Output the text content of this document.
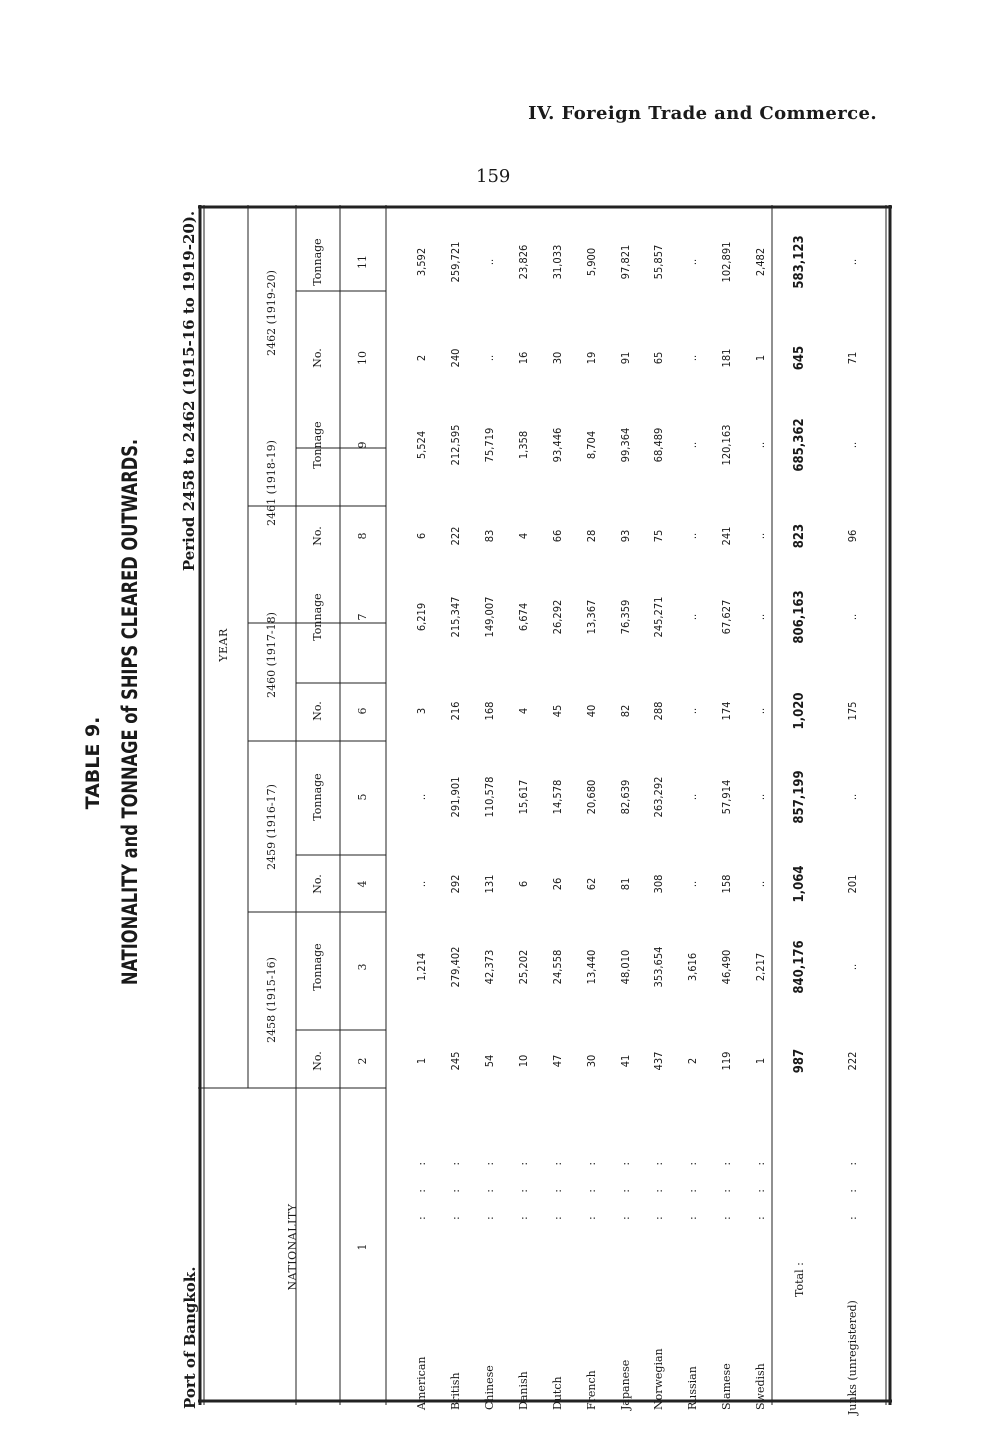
IV. Foreign Trade and Commerce.
159
TABLE 9. NATIONALITY and TONNAGE of SHIPS CLEARED OUTWARDS.
Port of Bangkok.
Period 2458 to 2462 (1915-16 to 1919-20).
NATIONALITY
YEAR
2458 (1915-16)
2459 (1916-17)
2460 (1917-18)
2461 (1918-19)
2462 (1919-20)
No.
Tonnage
No.
Tonnage
No.
Tonnage
No.
Tonnage
No.
Tonnage
1
2
3
4
5
6
7
8
9
10
11
American
: : :
1
1,214
..
..
3
6,219
6
5,524
2
3,592
British
: : :
245
279,402
292
291,901
216
215,347
222
212,595
240
259,721
Chinese
: : :
54
42,373
131
110,578
168
149,007
83
75,719
..
..
Danish
: : :
10
25,202
6
15,617
4
6,674
4
1,358
16
23,826
Dutch
: : :
47
24,558
26
14,578
45
26,292
66
93,446
30
31,033
French
: : :
30
13,440
62
20,680
40
13,367
28
8,704
19
5,900
Japanese
: : :
41
48,010
81
82,639
82
76,359
93
99,364
91
97,821
Norwegian
: : :
437
353,654
308
263,292
288
245,271
75
68,489
65
55,857
Russian
: : :
2
3,616
..
..
..
..
..
..
..
..
Siamese
: : :
119
46,490
158
57,914
174
67,627
241
120,163
181
102,891
Swedish
: : :
1
2,217
..
..
..
..
..
..
1
2,482
Total :
987
840,176
1,064
857,199
1,020
806,163
823
685,362
645
583,123
Junks (unregistered)
: : :
222
..
201
..
175
..
96
..
71
..
